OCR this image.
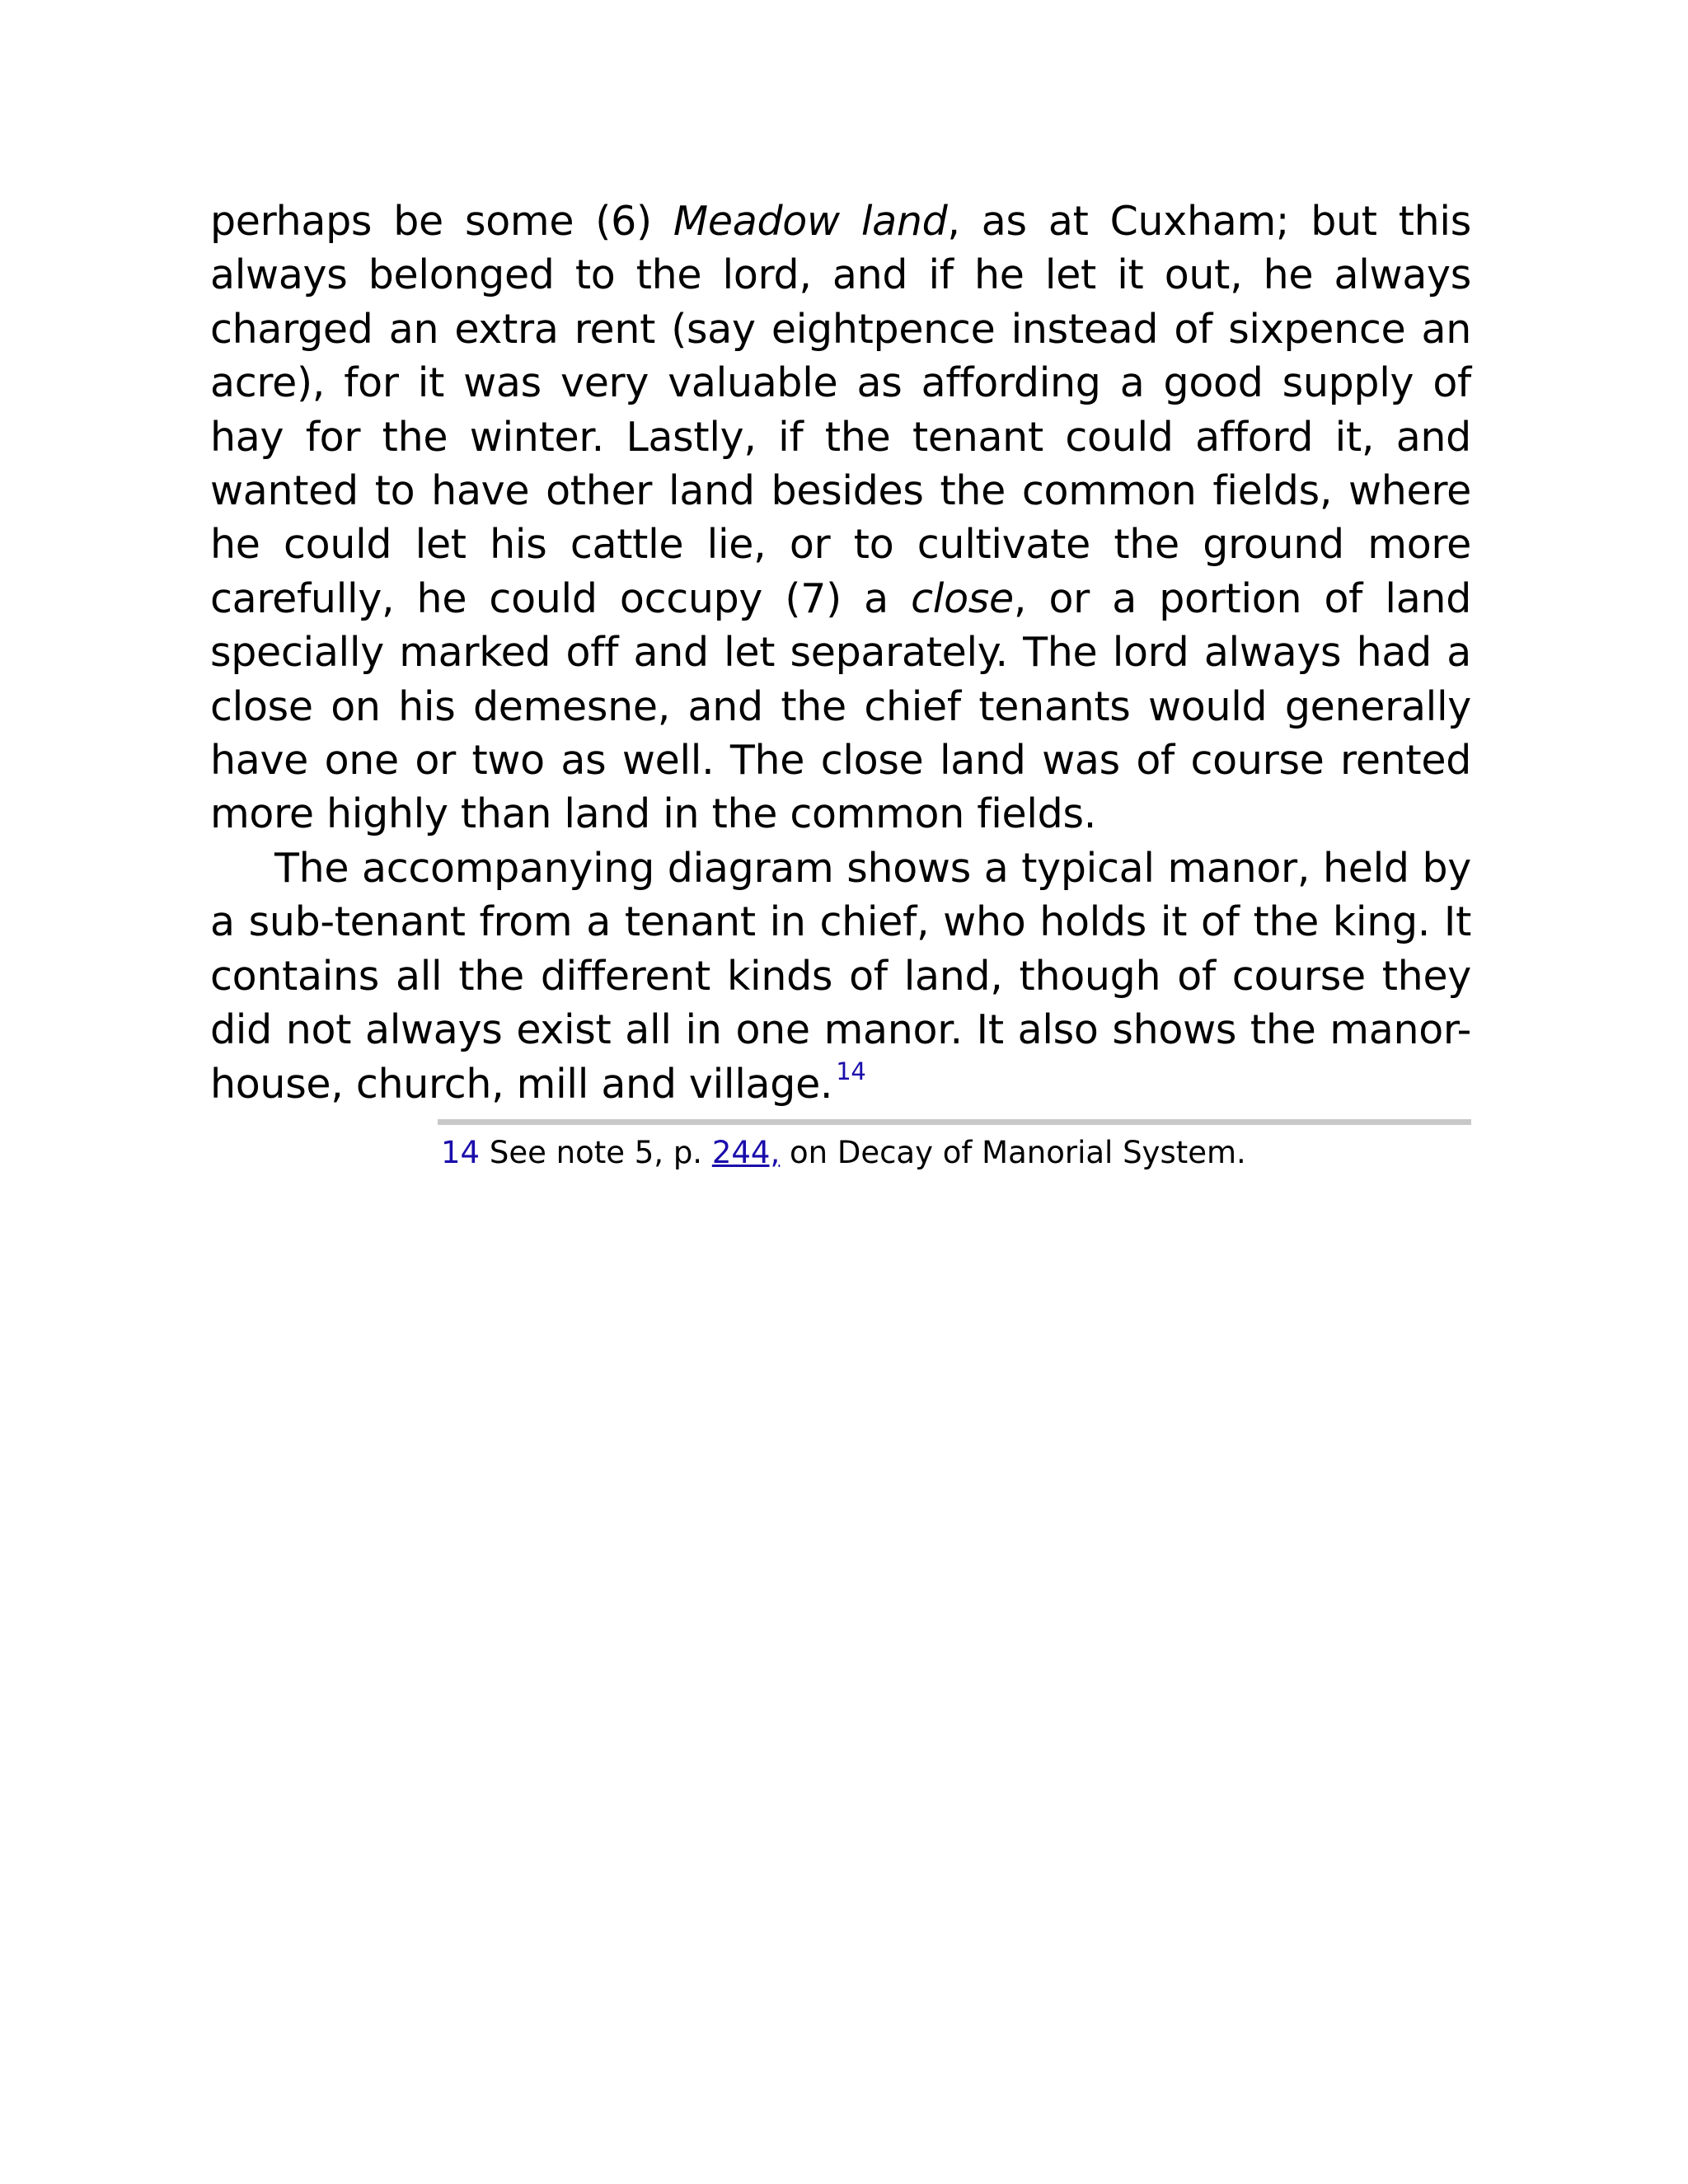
perhaps be some (6) Meadow land, as at Cuxham; but this always belonged to the lord, and if he let it out, he always charged an extra rent (say eightpence instead of sixpence an acre), for it was very valuable as affording a good supply of hay for the winter. Lastly, if the tenant could afford it, and wanted to have other land besides the common fields, where he could let his cattle lie, or to cultivate the ground more carefully, he could occupy (7) a close, or a portion of land specially marked off and let separately. The lord always had a close on his demesne, and the chief tenants would generally have one or two as well. The close land was of course rented more highly than land in the common fields.

The accompanying diagram shows a typical manor, held by a sub-tenant from a tenant in chief, who holds it of the king. It contains all the different kinds of land, though of course they did not always exist all in one manor. It also shows the manor-house, church, mill and village. $^{14}$

14 See note 5, p. 244, on Decay of Manorial System.
